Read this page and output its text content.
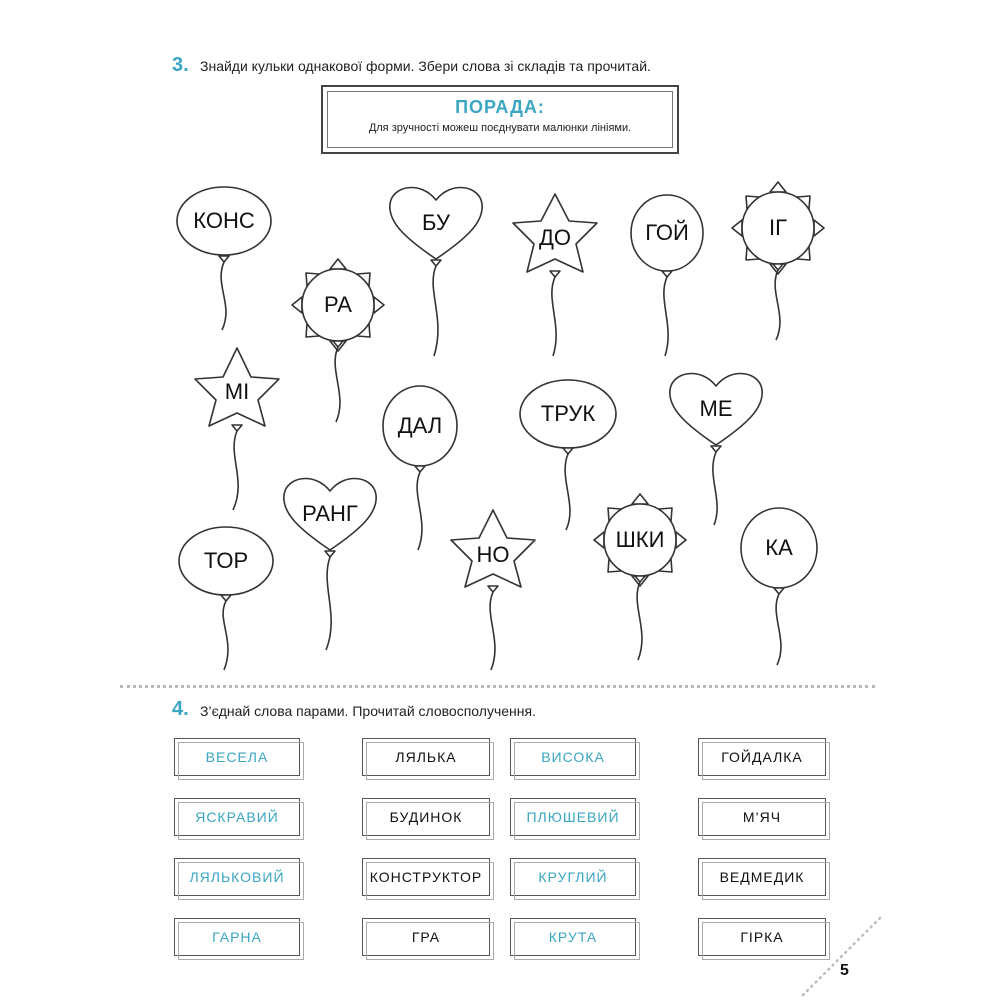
3. Знайди кульки однакової форми. Збери слова зі складів та прочитай.
ПОРАДА:
Для зручності можеш поєднувати малюнки лініями.
КОНС	БУ
ДО	ГОЙ	ІГ
РА
МІ
ДАЛ	ТРУК	МЕ
РАНГ
ТОР	НО
ШКИ	КА
4. З’єднай слова парами. Прочитай словосполучення.
ВЕСЕЛА
ЯСКРАВИЙ
ЛЯЛЬКОВИЙ
ГАРНА
ЛЯЛЬКА
БУДИНОК
КОНСТРУКТОР
ГРА
ВИСОКА
ПЛЮШЕВИЙ
КРУГЛИЙ
КРУТА
ГОЙДАЛКА
М’ЯЧ
ВЕДМЕДИК
ГІРКА
5
